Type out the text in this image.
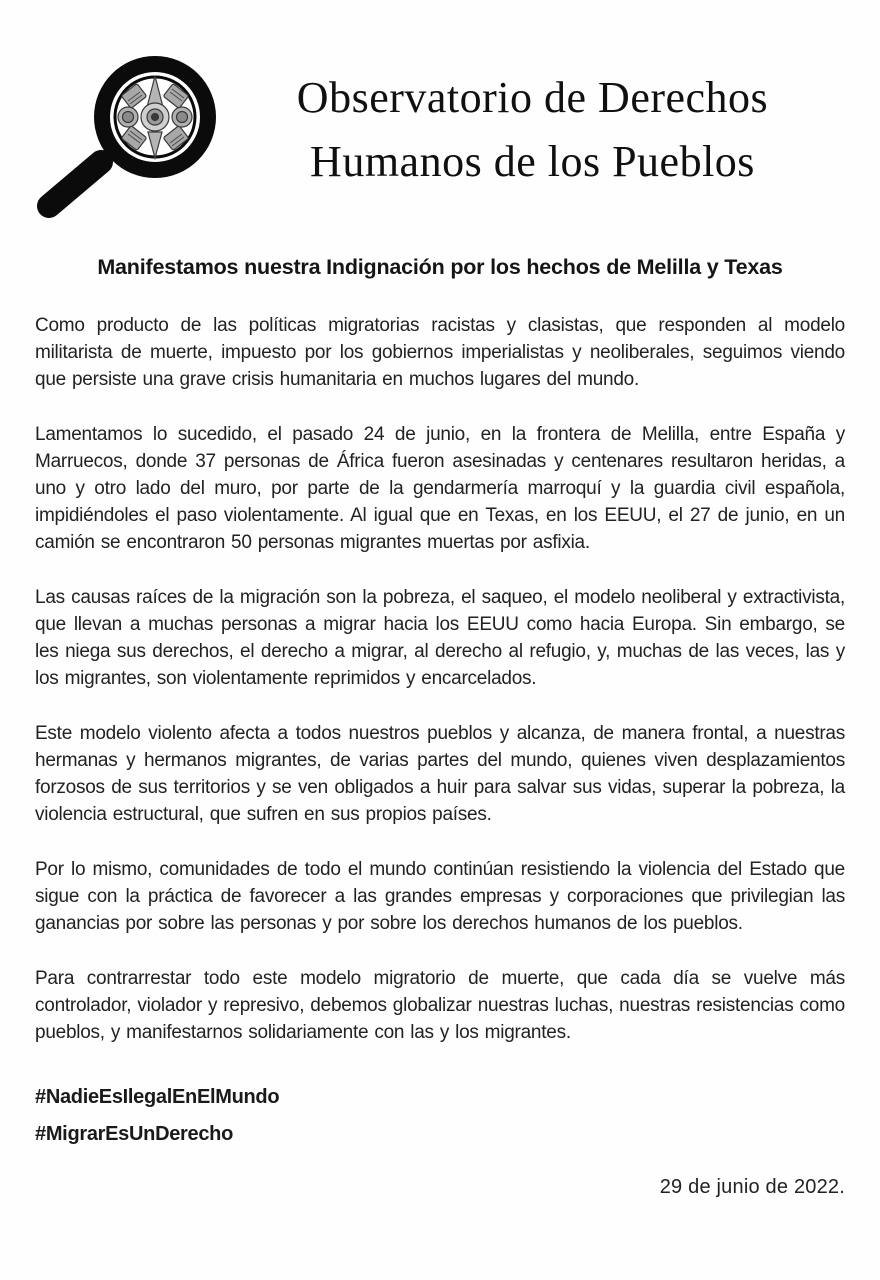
Observatorio de Derechos
Humanos de los Pueblos
Manifestamos nuestra Indignación por los hechos de Melilla y Texas

Como producto de las políticas migratorias racistas y clasistas, que responden al modelo militarista de muerte, impuesto por los gobiernos imperialistas y neoliberales, seguimos viendo que persiste una grave crisis humanitaria en muchos lugares del mundo.

Lamentamos lo sucedido, el pasado 24 de junio, en la frontera de Melilla, entre España y Marruecos, donde 37 personas de África fueron asesinadas y centenares resultaron heridas, a uno y otro lado del muro, por parte de la gendarmería marroquí y la guardia civil española, impidiéndoles el paso violentamente. Al igual que en Texas, en los EEUU, el 27 de junio, en un camión se encontraron 50 personas migrantes muertas por asfixia.

Las causas raíces de la migración son la pobreza, el saqueo, el modelo neoliberal y extractivista, que llevan a muchas personas a migrar hacia los EEUU como hacia Europa. Sin embargo, se les niega sus derechos, el derecho a migrar, al derecho al refugio, y, muchas de las veces, las y los migrantes, son violentamente reprimidos y encarcelados.

Este modelo violento afecta a todos nuestros pueblos y alcanza, de manera frontal, a nuestras hermanas y hermanos migrantes, de varias partes del mundo, quienes viven desplazamientos forzosos de sus territorios y se ven obligados a huir para salvar sus vidas, superar la pobreza, la violencia estructural, que sufren en sus propios países.

Por lo mismo, comunidades de todo el mundo continúan resistiendo la violencia del Estado que sigue con la práctica de favorecer a las grandes empresas y corporaciones que privilegian las ganancias por sobre las personas y por sobre los derechos humanos de los pueblos.

Para contrarrestar todo este modelo migratorio de muerte, que cada día se vuelve más controlador, violador y represivo, debemos globalizar nuestras luchas, nuestras resistencias como pueblos, y manifestarnos solidariamente con las y los migrantes.

#NadieEsIlegalEnElMundo

#MigrarEsUnDerecho

29 de junio de 2022.
